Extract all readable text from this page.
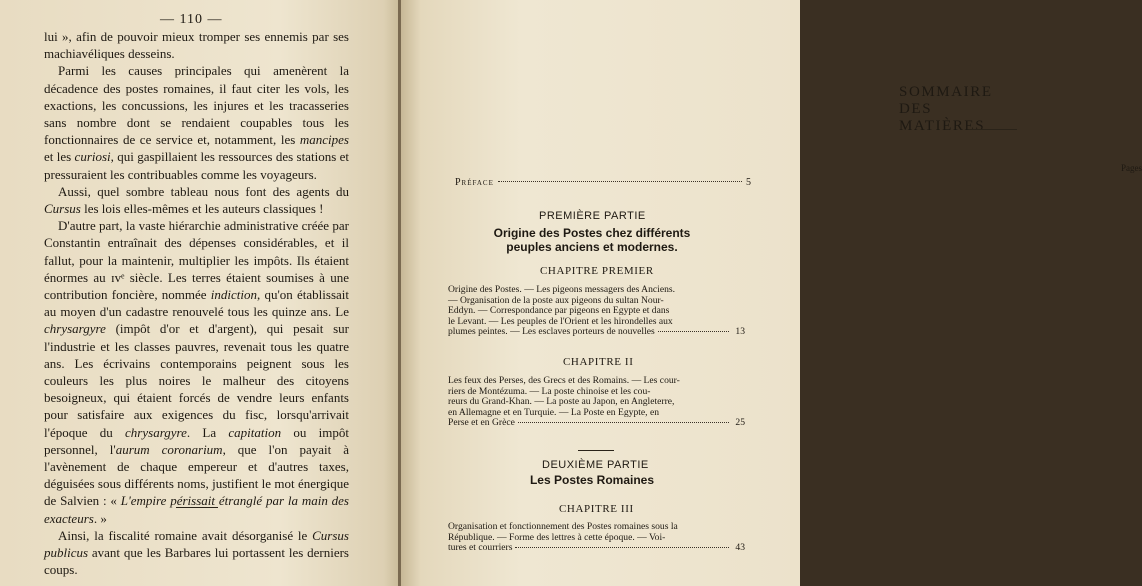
— 110 —

lui », afin de pouvoir mieux tromper ses ennemis par ses machiavéliques desseins.

Parmi les causes principales qui amenèrent la décadence des postes romaines, il faut citer les vols, les exactions, les concussions, les injures et les tracasseries sans nombre dont se rendaient coupables tous les fonctionnaires de ce service et, notamment, les mancipes et les curiosi, qui gaspillaient les ressources des stations et pressuraient les contribuables comme les voyageurs.

Aussi, quel sombre tableau nous font des agents du Cursus les lois elles-mêmes et les auteurs classiques !

D'autre part, la vaste hiérarchie administrative créée par Constantin entraînait des dépenses considérables, et il fallut, pour la maintenir, multiplier les impôts. Ils étaient énormes au ɪvᵉ siècle. Les terres étaient soumises à une contribution foncière, nommée indiction, qu'on établissait au moyen d'un cadastre renouvelé tous les quinze ans. Le chrysargyre (impôt d'or et d'argent), qui pesait sur l'industrie et les classes pauvres, revenait tous les quatre ans. Les écrivains contemporains peignent sous les couleurs les plus noires le malheur des citoyens besoigneux, qui étaient forcés de vendre leurs enfants pour satisfaire aux exigences du fisc, lorsqu'arrivait l'époque du chrysargyre. La capitation ou impôt personnel, l'aurum coronarium, que l'on payait à l'avènement de chaque empereur et d'autres taxes, déguisées sous différents noms, justifient le mot énergique de Salvien : « L'empire périssait étranglé par la main des exacteurs. »

Ainsi, la fiscalité romaine avait désorganisé le Cursus publicus avant que les Barbares lui portassent les derniers coups.

SOMMAIRE DES MATIÈRES
Pages
Préface	5
PREMIÈRE PARTIE
Origine des Postes chez différents
peuples anciens et modernes.
CHAPITRE PREMIER
Origine des Postes. — Les pigeons messagers des Anciens.
— Organisation de la poste aux pigeons du sultan Nour-
Eddyn. — Correspondance par pigeons en Egypte et dans
le Levant. — Les peuples de l'Orient et les hirondelles aux
plumes peintes. — Les esclaves porteurs de nouvelles	13
CHAPITRE II
Les feux des Perses, des Grecs et des Romains. — Les cour-
riers de Montézuma. — La poste chinoise et les cou-
reurs du Grand-Khan. — La poste au Japon, en Angleterre,
en Allemagne et en Turquie. — La Poste en Egypte, en
Perse et en Grèce	25
DEUXIÈME PARTIE
Les Postes Romaines
CHAPITRE III
Organisation et fonctionnement des Postes romaines sous la
République. — Forme des lettres à cette époque. — Voi-
tures et courriers	43
